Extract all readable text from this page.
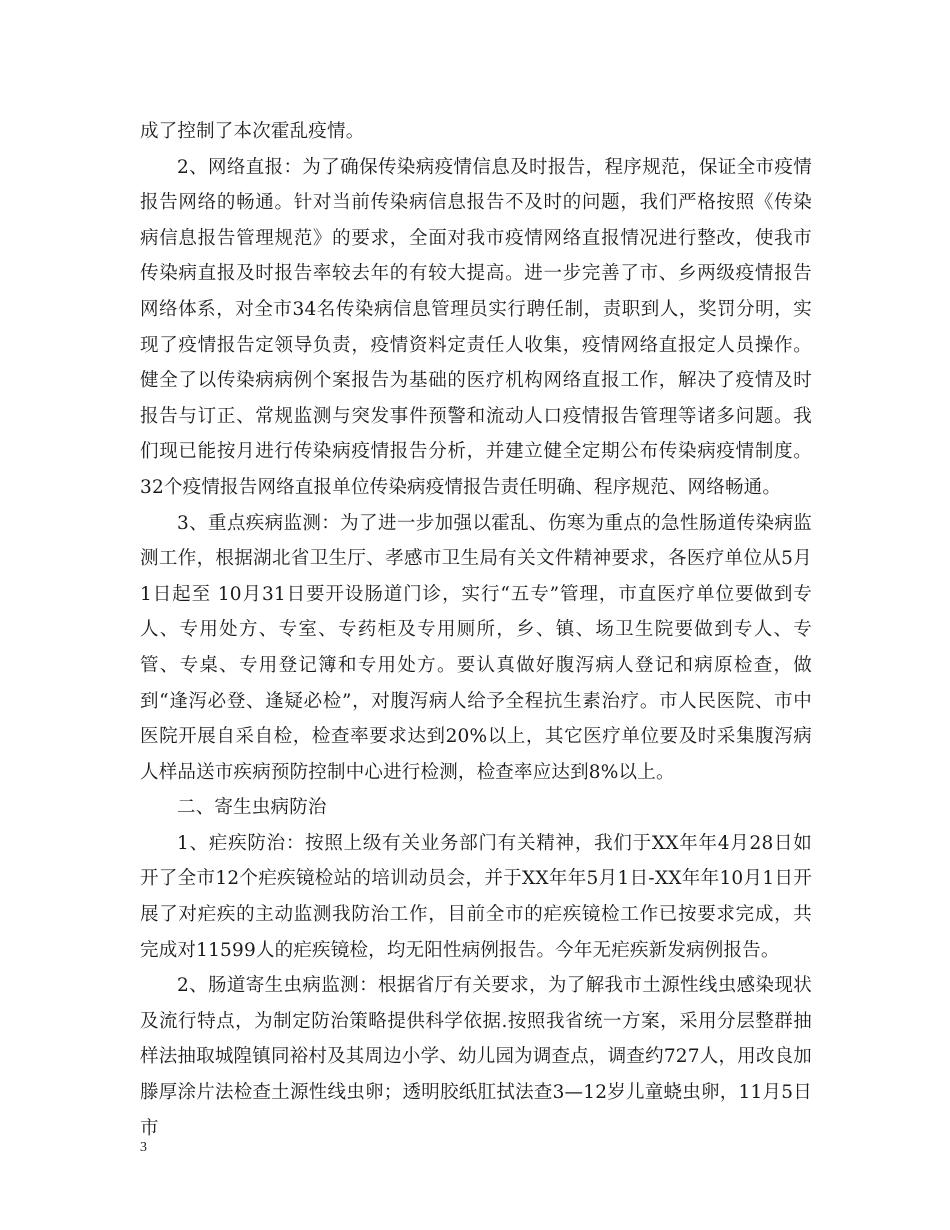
成了控制了本次霍乱疫情。

2、网络直报：为了确保传染病疫情信息及时报告，程序规范，保证全市疫情报告网络的畅通。针对当前传染病信息报告不及时的问题，我们严格按照《传染病信息报告管理规范》的要求，全面对我市疫情网络直报情况进行整改，使我市传染病直报及时报告率较去年的有较大提高。进一步完善了市、乡两级疫情报告网络体系，对全市34名传染病信息管理员实行聘任制，责职到人，奖罚分明，实现了疫情报告定领导负责，疫情资料定责任人收集，疫情网络直报定人员操作。健全了以传染病病例个案报告为基础的医疗机构网络直报工作，解决了疫情及时报告与订正、常规监测与突发事件预警和流动人口疫情报告管理等诸多问题。我们现已能按月进行传染病疫情报告分析，并建立健全定期公布传染病疫情制度。32个疫情报告网络直报单位传染病疫情报告责任明确、程序规范、网络畅通。

3、重点疾病监测：为了进一步加强以霍乱、伤寒为重点的急性肠道传染病监测工作，根据湖北省卫生厅、孝感市卫生局有关文件精神要求，各医疗单位从5月1日起至 10月31日要开设肠道门诊，实行“五专”管理，市直医疗单位要做到专人、专用处方、专室、专药柜及专用厕所，乡、镇、场卫生院要做到专人、专管、专桌、专用登记簿和专用处方。要认真做好腹泻病人登记和病原检查，做到“逢泻必登、逢疑必检”，对腹泻病人给予全程抗生素治疗。市人民医院、市中医院开展自采自检，检查率要求达到20%以上，其它医疗单位要及时采集腹泻病人样品送市疾病预防控制中心进行检测，检查率应达到8%以上。

二、寄生虫病防治

1、疟疾防治：按照上级有关业务部门有关精神，我们于XX年年4月28日如开了全市12个疟疾镜检站的培训动员会，并于XX年年5月1日-XX年年10月1日开展了对疟疾的主动监测我防治工作，目前全市的疟疾镜检工作已按要求完成，共完成对11599人的疟疾镜检，均无阳性病例报告。今年无疟疾新发病例报告。

2、肠道寄生虫病监测：根据省厅有关要求，为了解我市土源性线虫感染现状及流行特点，为制定防治策略提供科学依据.按照我省统一方案，采用分层整群抽样法抽取城隍镇同裕村及其周边小学、幼儿园为调查点，调查约727人，用改良加滕厚涂片法检查土源性线虫卵；透明胶纸肛拭法查3—12岁儿童蛲虫卵，11月5日市

3
